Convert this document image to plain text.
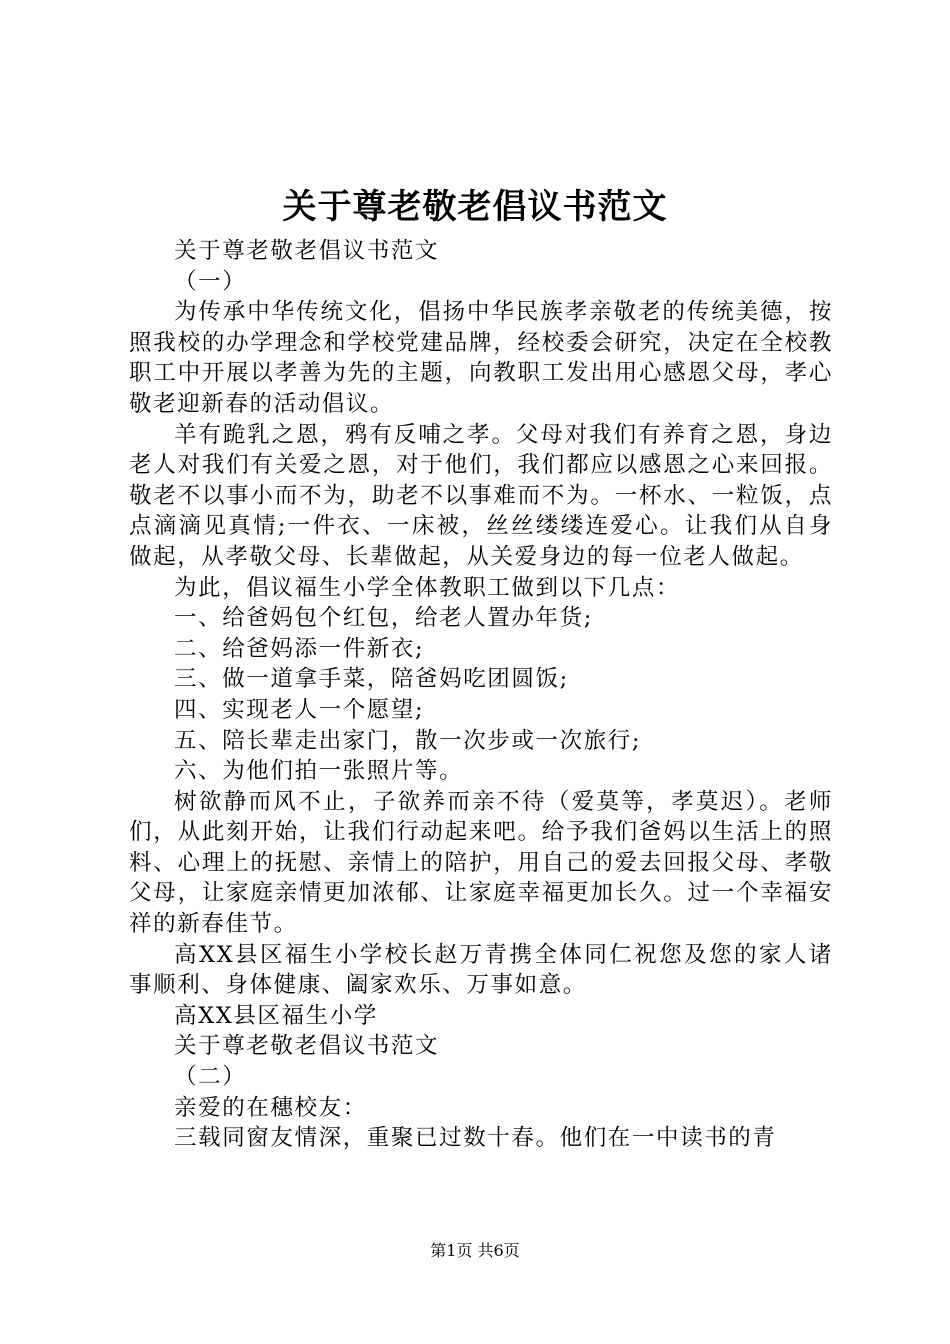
关于尊老敬老倡议书范文

关于尊老敬老倡议书范文

（一）

为传承中华传统文化，倡扬中华民族孝亲敬老的传统美德，按照我校的办学理念和学校党建品牌，经校委会研究，决定在全校教职工中开展以孝善为先的主题，向教职工发出用心感恩父母，孝心敬老迎新春的活动倡议。

羊有跪乳之恩，鸦有反哺之孝。父母对我们有养育之恩，身边老人对我们有关爱之恩，对于他们，我们都应以感恩之心来回报。敬老不以事小而不为，助老不以事难而不为。一杯水、一粒饭，点点滴滴见真情;一件衣、一床被，丝丝缕缕连爱心。让我们从自身做起，从孝敬父母、长辈做起，从关爱身边的每一位老人做起。

为此，倡议福生小学全体教职工做到以下几点：

一、给爸妈包个红包，给老人置办年货;

二、给爸妈添一件新衣;

三、做一道拿手菜，陪爸妈吃团圆饭;

四、实现老人一个愿望;

五、陪长辈走出家门，散一次步或一次旅行;

六、为他们拍一张照片等。

树欲静而风不止，子欲养而亲不待（爱莫等，孝莫迟）。老师们，从此刻开始，让我们行动起来吧。给予我们爸妈以生活上的照料、心理上的抚慰、亲情上的陪护，用自己的爱去回报父母、孝敬父母，让家庭亲情更加浓郁、让家庭幸福更加长久。过一个幸福安祥的新春佳节。

高XX县区福生小学校长赵万青携全体同仁祝您及您的家人诸事顺利、身体健康、阖家欢乐、万事如意。

高XX县区福生小学

关于尊老敬老倡议书范文

（二）

亲爱的在穗校友：

三载同窗友情深，重聚已过数十春。他们在一中读书的青

第1页 共6页
